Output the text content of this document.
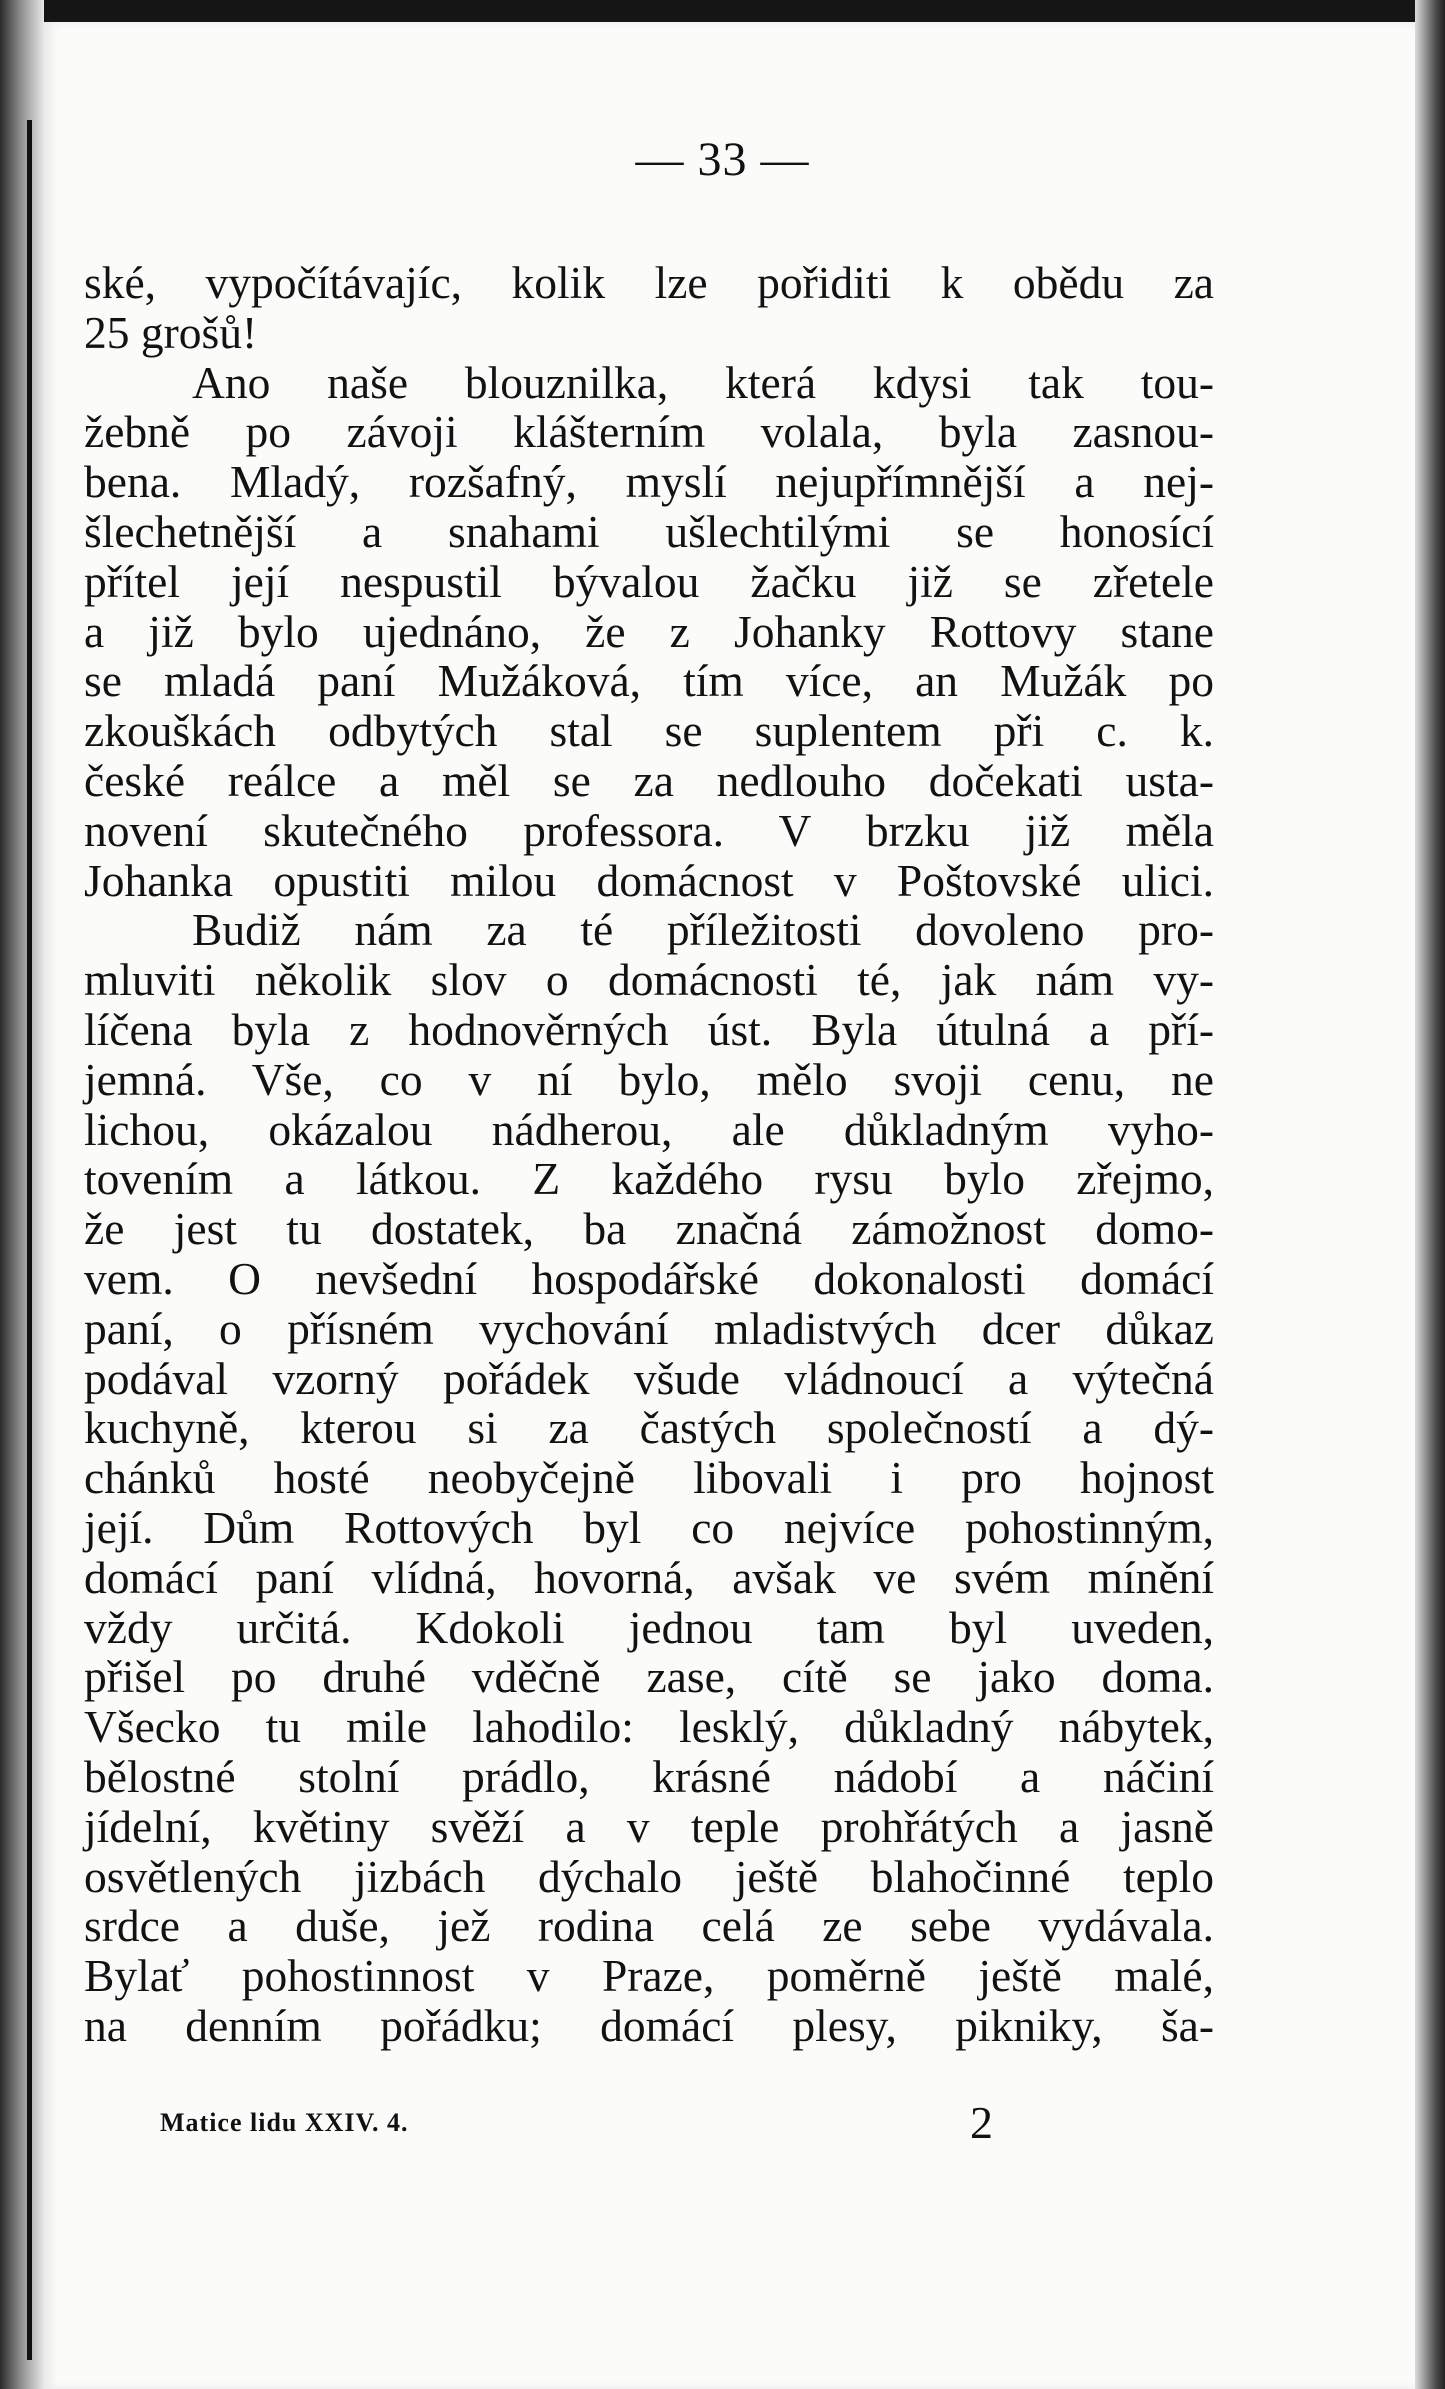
— 33 —
ské, vypočítávajíc, kolik lze pořiditi k obědu za
25 grošů!
Ano naše blouznilka, která kdysi tak tou-
žebně po závoji klášterním volala, byla zasnou-
bena. Mladý, rozšafný, myslí nejupřímnější a nej-
šlechetnější a snahami ušlechtilými se honosící
přítel její nespustil bývalou žačku již se zřetele
a již bylo ujednáno, že z Johanky Rottovy stane
se mladá paní Mužáková, tím více, an Mužák po
zkouškách odbytých stal se suplentem při c. k.
české reálce a měl se za nedlouho dočekati usta-
novení skutečného professora. V brzku již měla
Johanka opustiti milou domácnost v Poštovské ulici.
Budiž nám za té příležitosti dovoleno pro-
mluviti několik slov o domácnosti té, jak nám vy-
líčena byla z hodnověrných úst. Byla útulná a pří-
jemná. Vše, co v ní bylo, mělo svoji cenu, ne
lichou, okázalou nádherou, ale důkladným vyho-
tovením a látkou. Z každého rysu bylo zřejmo,
že jest tu dostatek, ba značná zámožnost domo-
vem. O nevšední hospodářské dokonalosti domácí
paní, o přísném vychování mladistvých dcer důkaz
podával vzorný pořádek všude vládnoucí a výtečná
kuchyně, kterou si za častých společností a dý-
chánků hosté neobyčejně libovali i pro hojnost
její. Dům Rottových byl co nejvíce pohostinným,
domácí paní vlídná, hovorná, avšak ve svém mínění
vždy určitá. Kdokoli jednou tam byl uveden,
přišel po druhé vděčně zase, cítě se jako doma.
Všecko tu mile lahodilo: lesklý, důkladný nábytek,
bělostné stolní prádlo, krásné nádobí a náčiní
jídelní, květiny svěží a v teple prohřátých a jasně
osvětlených jizbách dýchalo ještě blahočinné teplo
srdce a duše, jež rodina celá ze sebe vydávala.
Bylať pohostinnost v Praze, poměrně ještě malé,
na denním pořádku; domácí plesy, pikniky, ša-
Matice lidu XXIV. 4.	2
